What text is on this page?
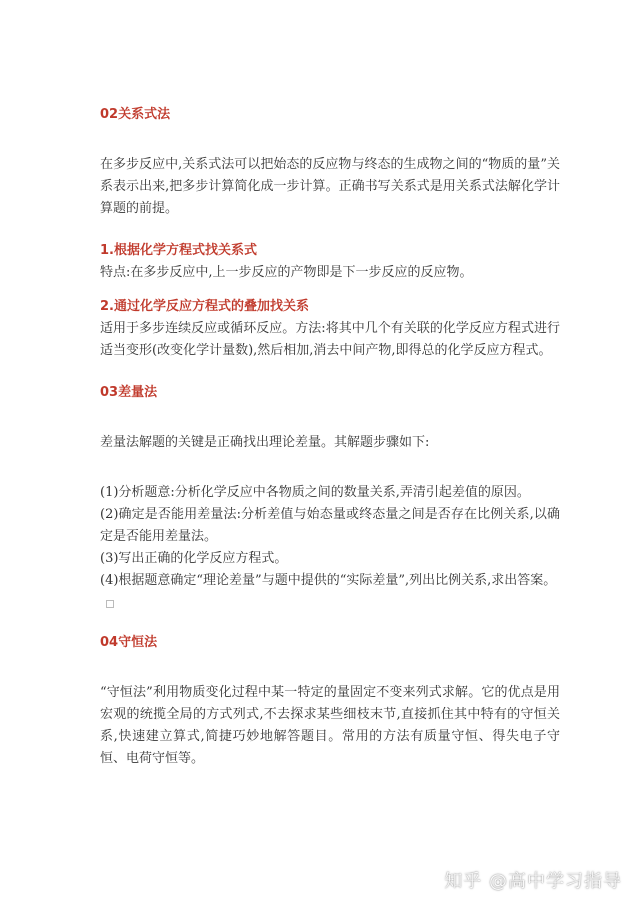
02关系式法

在多步反应中,关系式法可以把始态的反应物与终态的生成物之间的“物质的量”关系表示出来,把多步计算简化成一步计算。正确书写关系式是用关系式法解化学计算题的前提。

1.根据化学方程式找关系式

特点:在多步反应中,上一步反应的产物即是下一步反应的反应物。

2.通过化学反应方程式的叠加找关系

适用于多步连续反应或循环反应。方法:将其中几个有关联的化学反应方程式进行适当变形(改变化学计量数),然后相加,消去中间产物,即得总的化学反应方程式。

03差量法

差量法解题的关键是正确找出理论差量。其解题步骤如下:

(1)分析题意:分析化学反应中各物质之间的数量关系,弄清引起差值的原因。

(2)确定是否能用差量法:分析差值与始态量或终态量之间是否存在比例关系,以确定是否能用差量法。

(3)写出正确的化学反应方程式。

(4)根据题意确定“理论差量”与题中提供的“实际差量”,列出比例关系,求出答案。

04守恒法

“守恒法”利用物质变化过程中某一特定的量固定不变来列式求解。它的优点是用宏观的统揽全局的方式列式,不去探求某些细枝末节,直接抓住其中特有的守恒关系,快速建立算式,简捷巧妙地解答题目。常用的方法有质量守恒、得失电子守恒、电荷守恒等。

知乎 @高中学习指导
